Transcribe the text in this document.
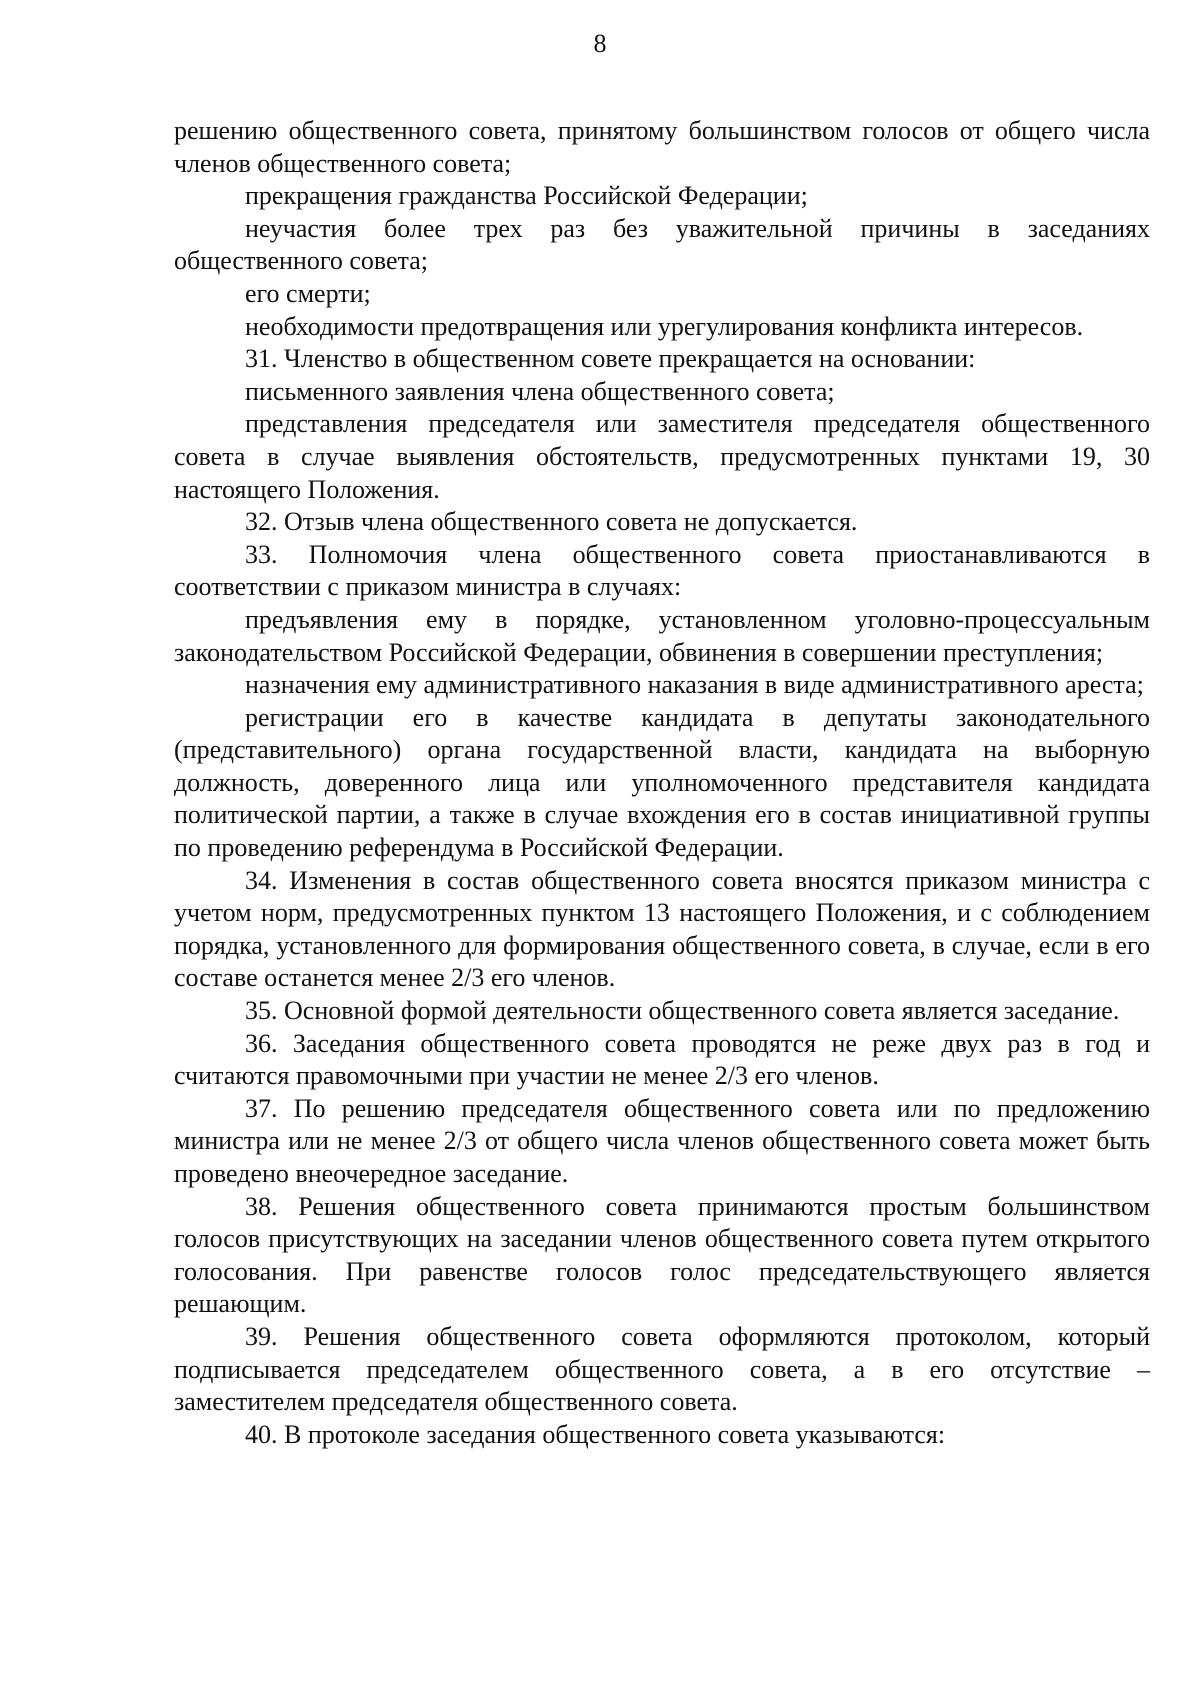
8

решению общественного совета, принятому большинством голосов от общего числа членов общественного совета;

прекращения гражданства Российской Федерации;

неучастия более трех раз без уважительной причины в заседаниях общественного совета;

его смерти;

необходимости предотвращения или урегулирования конфликта интересов.

31. Членство в общественном совете прекращается на основании:

письменного заявления члена общественного совета;

представления председателя или заместителя председателя общественного совета в случае выявления обстоятельств, предусмотренных пунктами 19, 30 настоящего Положения.

32. Отзыв члена общественного совета не допускается.

33. Полномочия члена общественного совета приостанавливаются в соответствии с приказом министра в случаях:

предъявления ему в порядке, установленном уголовно-процессуальным законодательством Российской Федерации, обвинения в совершении преступления;

назначения ему административного наказания в виде административного ареста;

регистрации его в качестве кандидата в депутаты законодательного (представительного) органа государственной власти, кандидата на выборную должность, доверенного лица или уполномоченного представителя кандидата политической партии, а также в случае вхождения его в состав инициативной группы по проведению референдума в Российской Федерации.

34. Изменения в состав общественного совета вносятся приказом министра с учетом норм, предусмотренных пунктом 13 настоящего Положения, и с соблюдением порядка, установленного для формирования общественного совета, в случае, если в его составе останется менее 2/3 его членов.

35. Основной формой деятельности общественного совета является заседание.

36. Заседания общественного совета проводятся не реже двух раз в год и считаются правомочными при участии не менее 2/3 его членов.

37. По решению председателя общественного совета или по предложению министра или не менее 2/3 от общего числа членов общественного совета может быть проведено внеочередное заседание.

38. Решения общественного совета принимаются простым большинством голосов присутствующих на заседании членов общественного совета путем открытого голосования. При равенстве голосов голос председательствующего является решающим.

39. Решения общественного совета оформляются протоколом, который подписывается председателем общественного совета, а в его отсутствие – заместителем председателя общественного совета.

40. В протоколе заседания общественного совета указываются:
